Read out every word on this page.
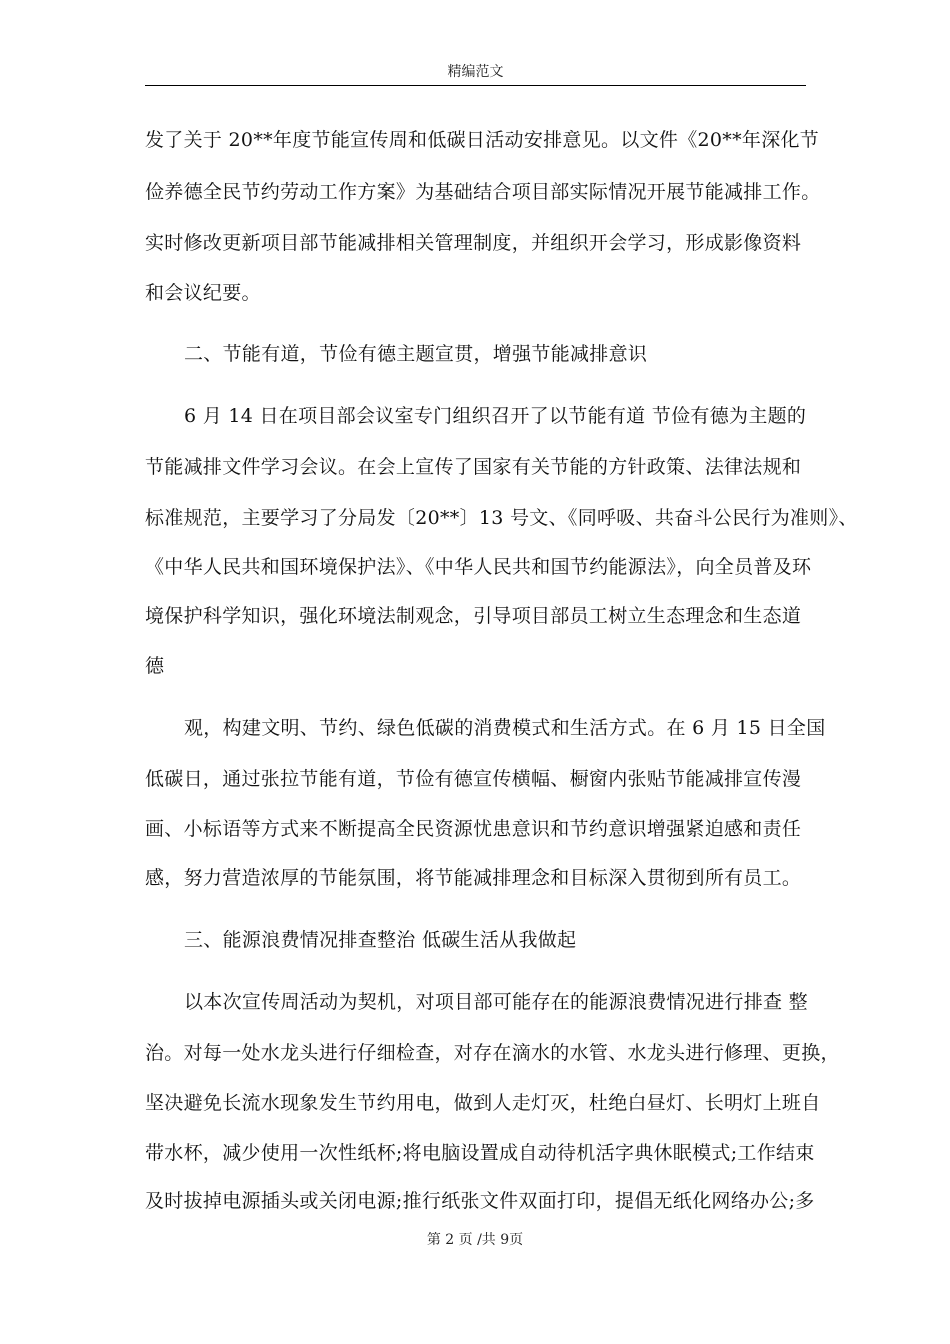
精编范文
发了关于 20**年度节能宣传周和低碳日活动安排意见。以文件《20**年深化节
俭养德全民节约劳动工作方案》为基础结合项目部实际情况开展节能减排工作。
实时修改更新项目部节能减排相关管理制度，并组织开会学习，形成影像资料
和会议纪要。
二、节能有道，节俭有德主题宣贯，增强节能减排意识
6 月 14 日在项目部会议室专门组织召开了以节能有道 节俭有德为主题的
节能减排文件学习会议。在会上宣传了国家有关节能的方针政策、法律法规和
标准规范，主要学习了分局发〔20**〕13 号文、《同呼吸、共奋斗公民行为准则》、
《中华人民共和国环境保护法》、《中华人民共和国节约能源法》，向全员普及环
境保护科学知识，强化环境法制观念，引导项目部员工树立生态理念和生态道
德
观，构建文明、节约、绿色低碳的消费模式和生活方式。在 6 月 15 日全国
低碳日，通过张拉节能有道，节俭有德宣传横幅、橱窗内张贴节能减排宣传漫
画、小标语等方式来不断提高全民资源忧患意识和节约意识增强紧迫感和责任
感，努力营造浓厚的节能氛围，将节能减排理念和目标深入贯彻到所有员工。
三、能源浪费情况排查整治 低碳生活从我做起
以本次宣传周活动为契机，对项目部可能存在的能源浪费情况进行排查 整
治。对每一处水龙头进行仔细检查，对存在滴水的水管、水龙头进行修理、更换，
坚决避免长流水现象发生节约用电，做到人走灯灭，杜绝白昼灯、长明灯上班自
带水杯，减少使用一次性纸杯;将电脑设置成自动待机活字典休眠模式;工作结束
及时拔掉电源插头或关闭电源;推行纸张文件双面打印，提倡无纸化网络办公;多
第 2 页 /共 9页
